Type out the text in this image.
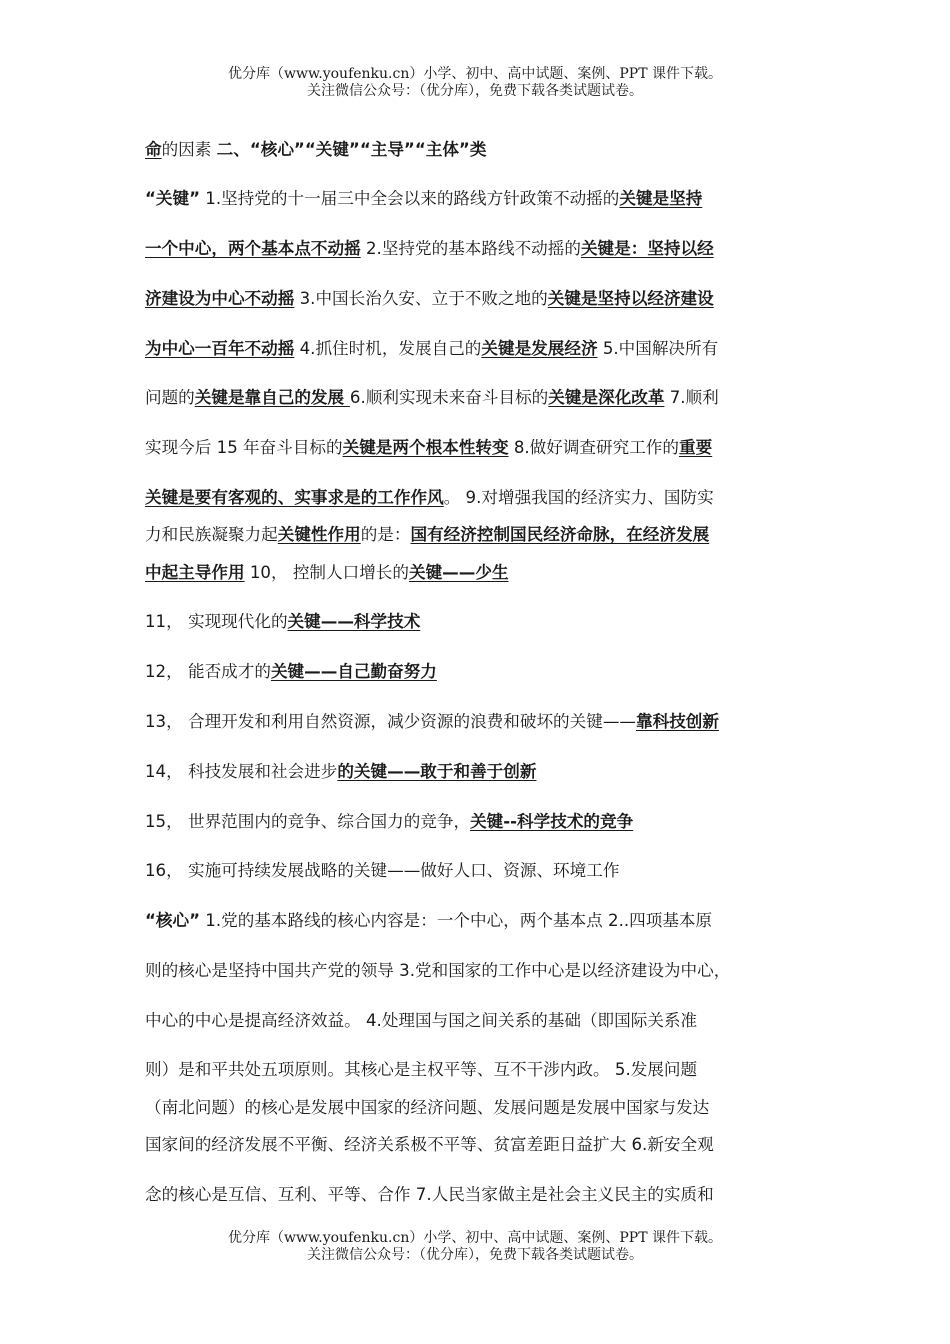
优分库（www.youfenku.cn）小学、初中、高中试题、案例、PPT 课件下载。
关注微信公众号：（优分库），免费下载各类试题试卷。
命的因素 二、“核心”“关键”“主导”“主体”类
“关键” 1.坚持党的十一届三中全会以来的路线方针政策不动摇的关键是坚持
一个中心，两个基本点不动摇 2.坚持党的基本路线不动摇的关键是：坚持以经
济建设为中心不动摇 3.中国长治久安、立于不败之地的关键是坚持以经济建设
为中心一百年不动摇 4.抓住时机，发展自己的关键是发展经济 5.中国解决所有
问题的关键是靠自己的发展 6.顺利实现未来奋斗目标的关键是深化改革 7.顺利
实现今后 15 年奋斗目标的关键是两个根本性转变 8.做好调查研究工作的重要
关键是要有客观的、实事求是的工作作风。 9.对增强我国的经济实力、国防实
力和民族凝聚力起关键性作用的是：国有经济控制国民经济命脉，在经济发展
中起主导作用 10， 控制人口增长的关键——少生
11， 实现现代化的关键——科学技术
12， 能否成才的关键——自己勤奋努力
13， 合理开发和利用自然资源，减少资源的浪费和破坏的关键——靠科技创新
14， 科技发展和社会进步的关键——敢于和善于创新
15， 世界范围内的竞争、综合国力的竞争，关键--科学技术的竞争
16， 实施可持续发展战略的关键——做好人口、资源、环境工作
“核心” 1.党的基本路线的核心内容是：一个中心，两个基本点 2..四项基本原
则的核心是坚持中国共产党的领导 3.党和国家的工作中心是以经济建设为中心，
中心的中心是提高经济效益。 4.处理国与国之间关系的基础（即国际关系准
则）是和平共处五项原则。其核心是主权平等、互不干涉内政。 5.发展问题
（南北问题）的核心是发展中国家的经济问题、发展问题是发展中国家与发达
国家间的经济发展不平衡、经济关系极不平等、贫富差距日益扩大 6.新安全观
念的核心是互信、互利、平等、合作 7.人民当家做主是社会主义民主的实质和
优分库（www.youfenku.cn）小学、初中、高中试题、案例、PPT 课件下载。
关注微信公众号：（优分库），免费下载各类试题试卷。
